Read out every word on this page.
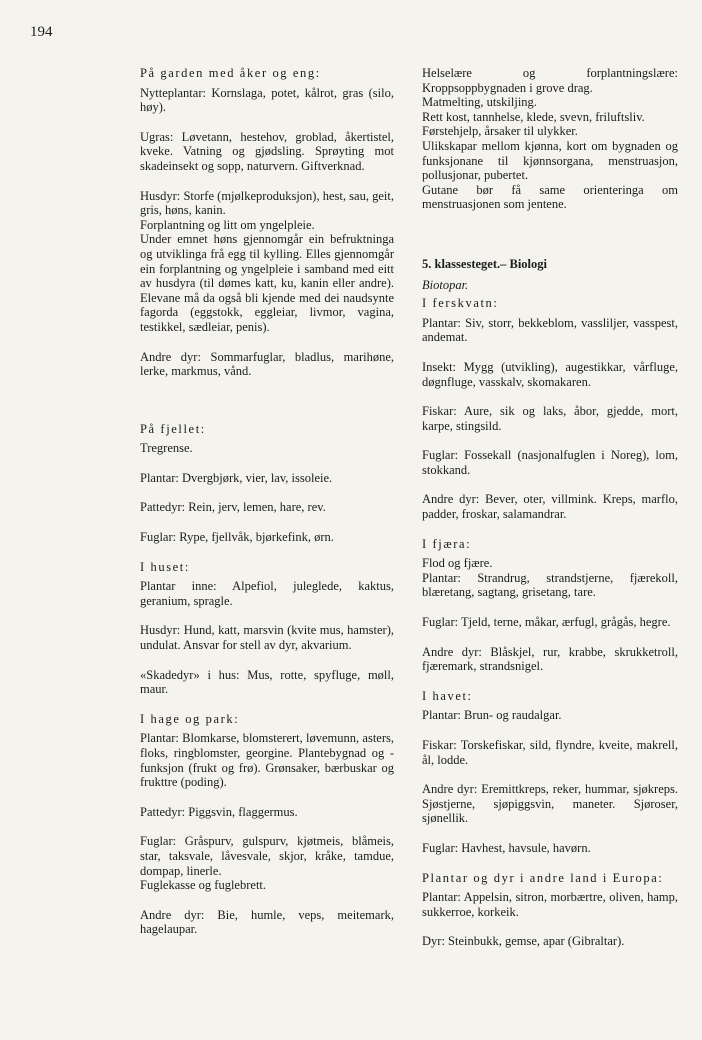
194

På garden med åker og eng:

Nytteplantar: Kornslaga, potet, kålrot, gras (silo, høy).

Ugras: Løvetann, hestehov, groblad, åkertistel, kveke. Vatning og gjødsling. Sprøyting mot skadeinsekt og sopp, naturvern. Giftverknad.

Husdyr: Storfe (mjølkeproduksjon), hest, sau, geit, gris, høns, kanin.

Forplantning og litt om yngelpleie.

Under emnet høns gjennomgår ein befruktninga og utviklinga frå egg til kylling. Elles gjennomgår ein forplantning og yngelpleie i samband med eitt av husdyra (til dømes katt, ku, kanin eller andre). Elevane må da også bli kjende med dei naudsynte fagorda (eggstokk, eggleiar, livmor, vagina, testikkel, sædleiar, penis).

Andre dyr: Sommarfuglar, bladlus, marihøne, lerke, markmus, vånd.

På fjellet:

Tregrense.

Plantar: Dvergbjørk, vier, lav, issoleie.

Pattedyr: Rein, jerv, lemen, hare, rev.

Fuglar: Rype, fjellvåk, bjørkefink, ørn.

I huset:

Plantar inne: Alpefiol, juleglede, kaktus, geranium, spragle.

Husdyr: Hund, katt, marsvin (kvite mus, hamster), undulat. Ansvar for stell av dyr, akvarium.

«Skadedyr» i hus: Mus, rotte, spyfluge, møll, maur.

I hage og park:

Plantar: Blomkarse, blomsterert, løvemunn, asters, floks, ringblomster, georgine. Plantebygnad og -funksjon (frukt og frø). Grønsaker, bærbuskar og frukttre (poding).

Pattedyr: Piggsvin, flaggermus.

Fuglar: Gråspurv, gulspurv, kjøtmeis, blåmeis, star, taksvale, låvesvale, skjor, kråke, tamdue, dompap, linerle.

Fuglekasse og fuglebrett.

Andre dyr: Bie, humle, veps, meitemark, hagelaupar.

Helselære og forplantningslære: Kroppsoppbygnaden i grove drag.

Matmelting, utskiljing.

Rett kost, tannhelse, klede, svevn, friluftsliv.

Førstehjelp, årsaker til ulykker.

Ulikskapar mellom kjønna, kort om bygnaden og funksjonane til kjønnsorgana, menstruasjon, pollusjonar, pubertet.

Gutane bør få same orienteringa om menstruasjonen som jentene.

5. klassesteget.– Biologi

Biotopar.

I ferskvatn:

Plantar: Siv, storr, bekkeblom, vassliljer, vasspest, andemat.

Insekt: Mygg (utvikling), augestikkar, vårfluge, døgnfluge, vasskalv, skomakaren.

Fiskar: Aure, sik og laks, åbor, gjedde, mort, karpe, stingsild.

Fuglar: Fossekall (nasjonalfuglen i Noreg), lom, stokkand.

Andre dyr: Bever, oter, villmink. Kreps, marflo, padder, froskar, salamandrar.

I fjæra:

Flod og fjære.

Plantar: Strandrug, strandstjerne, fjærekoll, blæretang, sagtang, grisetang, tare.

Fuglar: Tjeld, terne, måkar, ærfugl, grågås, hegre.

Andre dyr: Blåskjel, rur, krabbe, skrukketroll, fjæremark, strandsnigel.

I havet:

Plantar: Brun- og raudalgar.

Fiskar: Torskefiskar, sild, flyndre, kveite, makrell, ål, lodde.

Andre dyr: Eremittkreps, reker, hummar, sjøkreps. Sjøstjerne, sjøpiggsvin, maneter. Sjøroser, sjønellik.

Fuglar: Havhest, havsule, havørn.

Plantar og dyr i andre land i Europa:

Plantar: Appelsin, sitron, morbærtre, oliven, hamp, sukkerroe, korkeik.

Dyr: Steinbukk, gemse, apar (Gibraltar).
